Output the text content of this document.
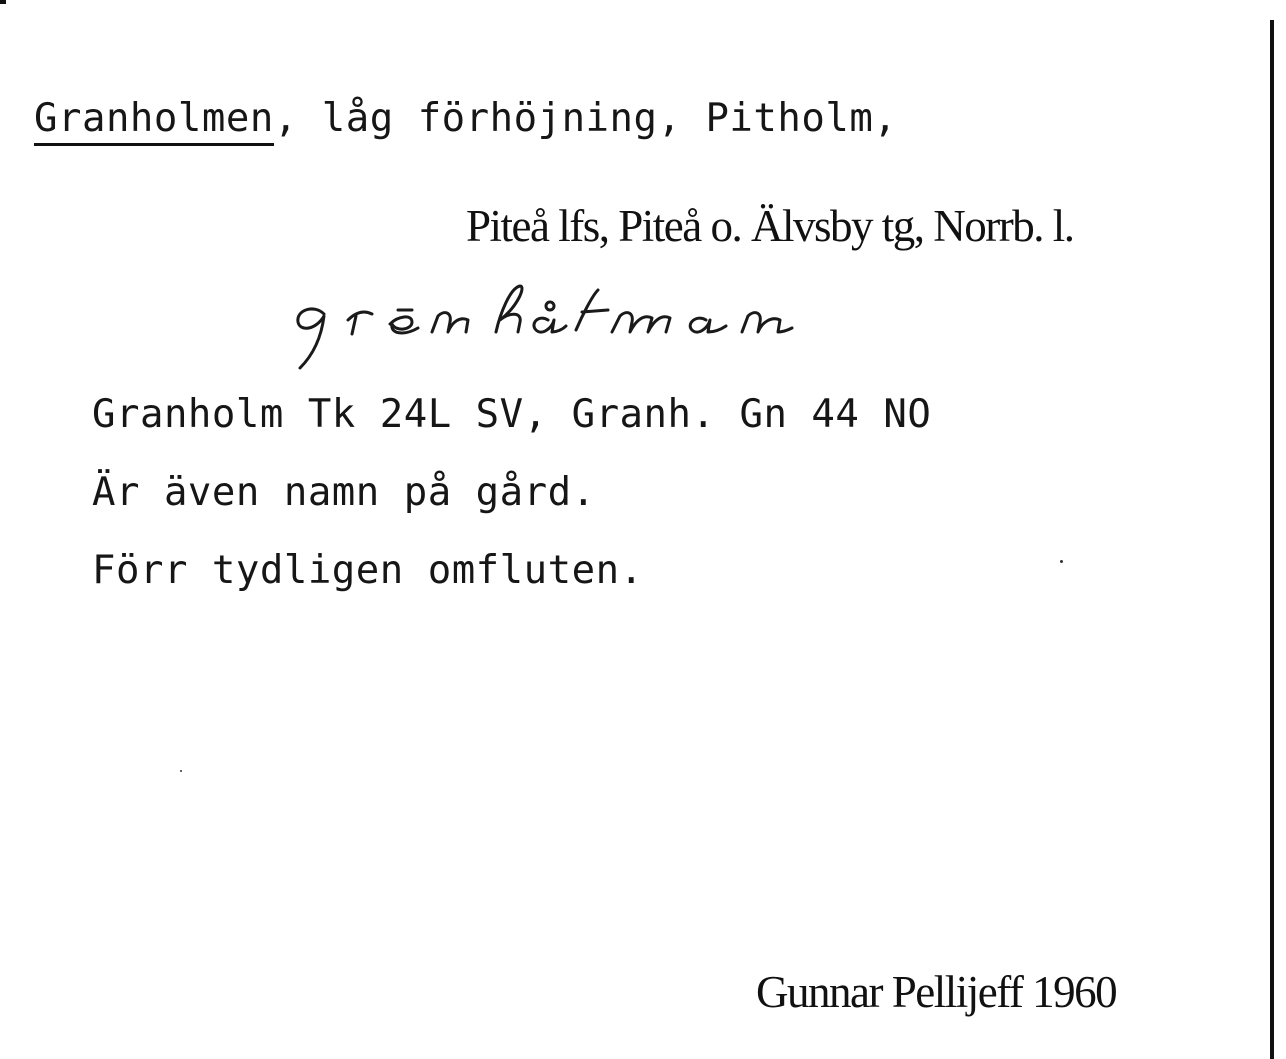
Granholmen, låg förhöjning, Pitholm,
Piteå lfs, Piteå o. Älvsby tg, Norrb. l.
Granholm Tk 24L SV, Granh. Gn 44 NO
Är även namn på gård.
Förr tydligen omfluten.
Gunnar Pellijeff 1960
